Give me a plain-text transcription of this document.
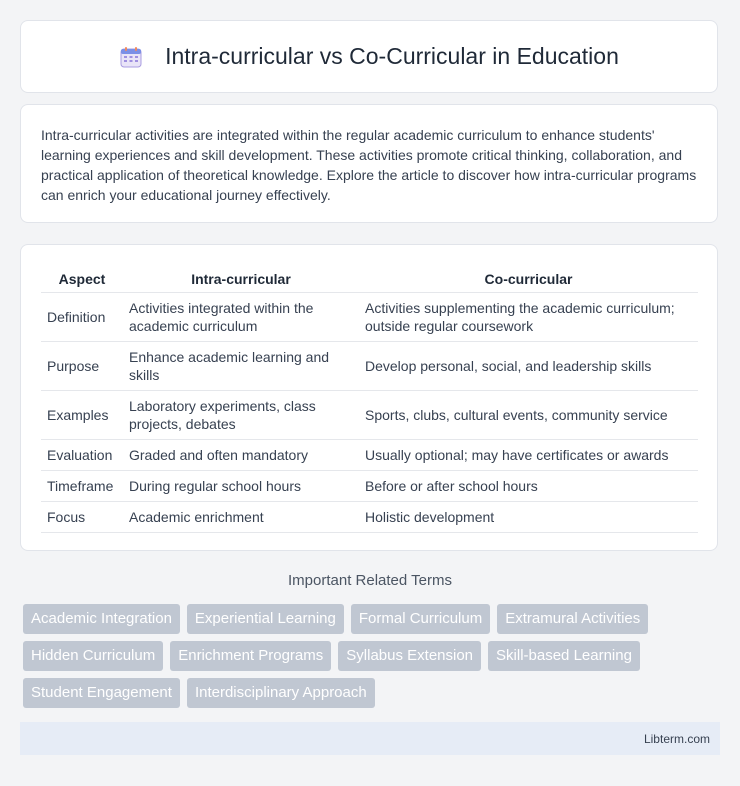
Intra-curricular vs Co-Curricular in Education

Intra-curricular activities are integrated within the regular academic curriculum to enhance students' learning experiences and skill development. These activities promote critical thinking, collaboration, and practical application of theoretical knowledge. Explore the article to discover how intra-curricular programs can enrich your educational journey effectively.

Aspect	Intra-curricular	Co-curricular
Definition	Activities integrated within the academic curriculum	Activities supplementing the academic curriculum; outside regular coursework
Purpose	Enhance academic learning and skills	Develop personal, social, and leadership skills
Examples	Laboratory experiments, class projects, debates	Sports, clubs, cultural events, community service
Evaluation	Graded and often mandatory	Usually optional; may have certificates or awards
Timeframe	During regular school hours	Before or after school hours
Focus	Academic enrichment	Holistic development
Important Related Terms
Academic Integration	Experiential Learning	Formal Curriculum	Extramural Activities
Hidden Curriculum	Enrichment Programs	Syllabus Extension	Skill-based Learning
Student Engagement	Interdisciplinary Approach
Libterm.com
